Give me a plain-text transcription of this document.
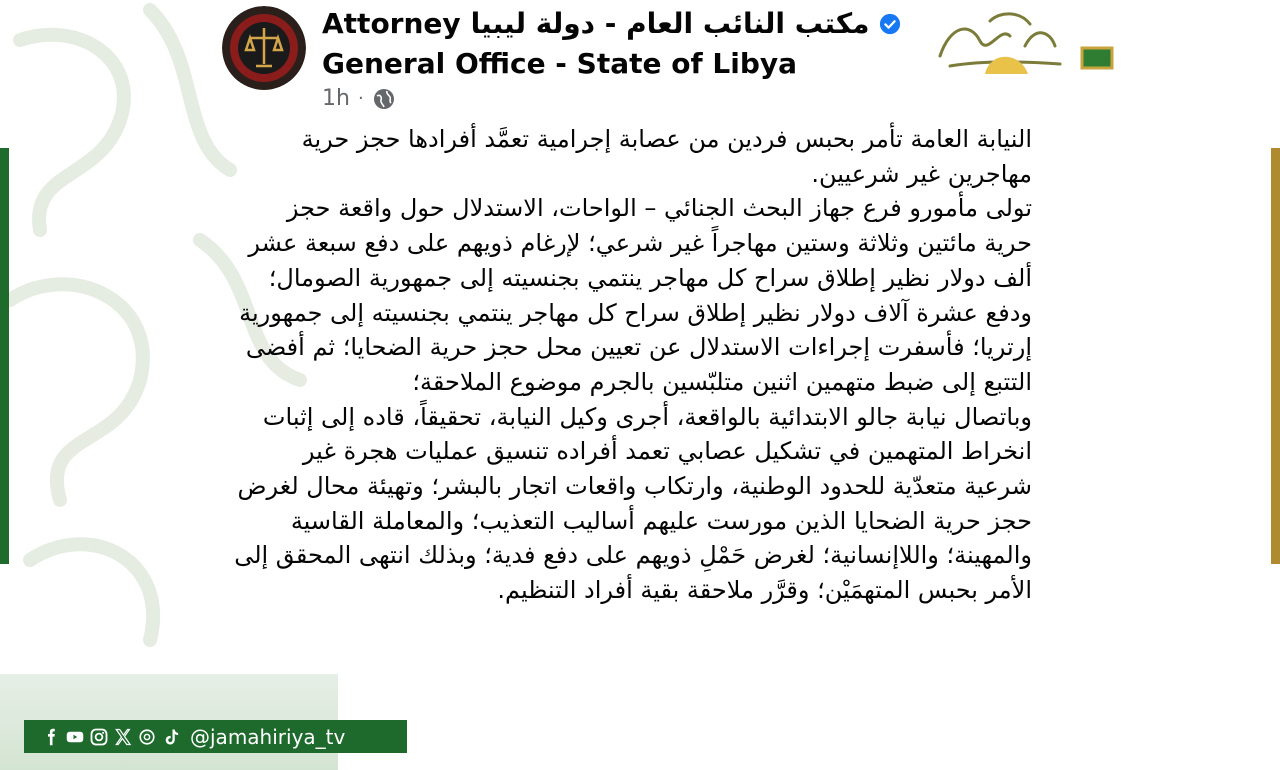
Attorney مكتب النائب العام - دولة ليبيا
General Office - State of Libya
1h ·

النيابة العامة تأمر بحبس فردين من عصابة إجرامية تعمَّد أفرادها حجز حرية مهاجرين غير شرعيين.

تولى مأمورو فرع جهاز البحث الجنائي – الواحات، الاستدلال حول واقعة حجز حرية مائتين وثلاثة وستين مهاجراً غير شرعي؛ لإرغام ذويهم على دفع سبعة عشر ألف دولار نظير إطلاق سراح كل مهاجر ينتمي بجنسيته إلى جمهورية الصومال؛ ودفع عشرة آلاف دولار نظير إطلاق سراح كل مهاجر ينتمي بجنسيته إلى جمهورية إرتريا؛ فأسفرت إجراءات الاستدلال عن تعيين محل حجز حرية الضحايا؛ ثم أفضى التتبع إلى ضبط متهمين اثنين متلبّسين بالجرم موضوع الملاحقة؛

وباتصال نيابة جالو الابتدائية بالواقعة، أجرى وكيل النيابة، تحقيقاً، قاده إلى إثبات انخراط المتهمين في تشكيل عصابي تعمد أفراده تنسيق عمليات هجرة غير شرعية متعدّية للحدود الوطنية، وارتكاب واقعات اتجار بالبشر؛ وتهيئة محال لغرض حجز حرية الضحايا الذين مورست عليهم أساليب التعذيب؛ والمعاملة القاسية والمهينة؛ واللاإنسانية؛ لغرض حَمْلِ ذويهم على دفع فدية؛ وبذلك انتهى المحقق إلى الأمر بحبس المتهمَيْن؛ وقرَّر ملاحقة بقية أفراد التنظيم.

@jamahiriya_tv
